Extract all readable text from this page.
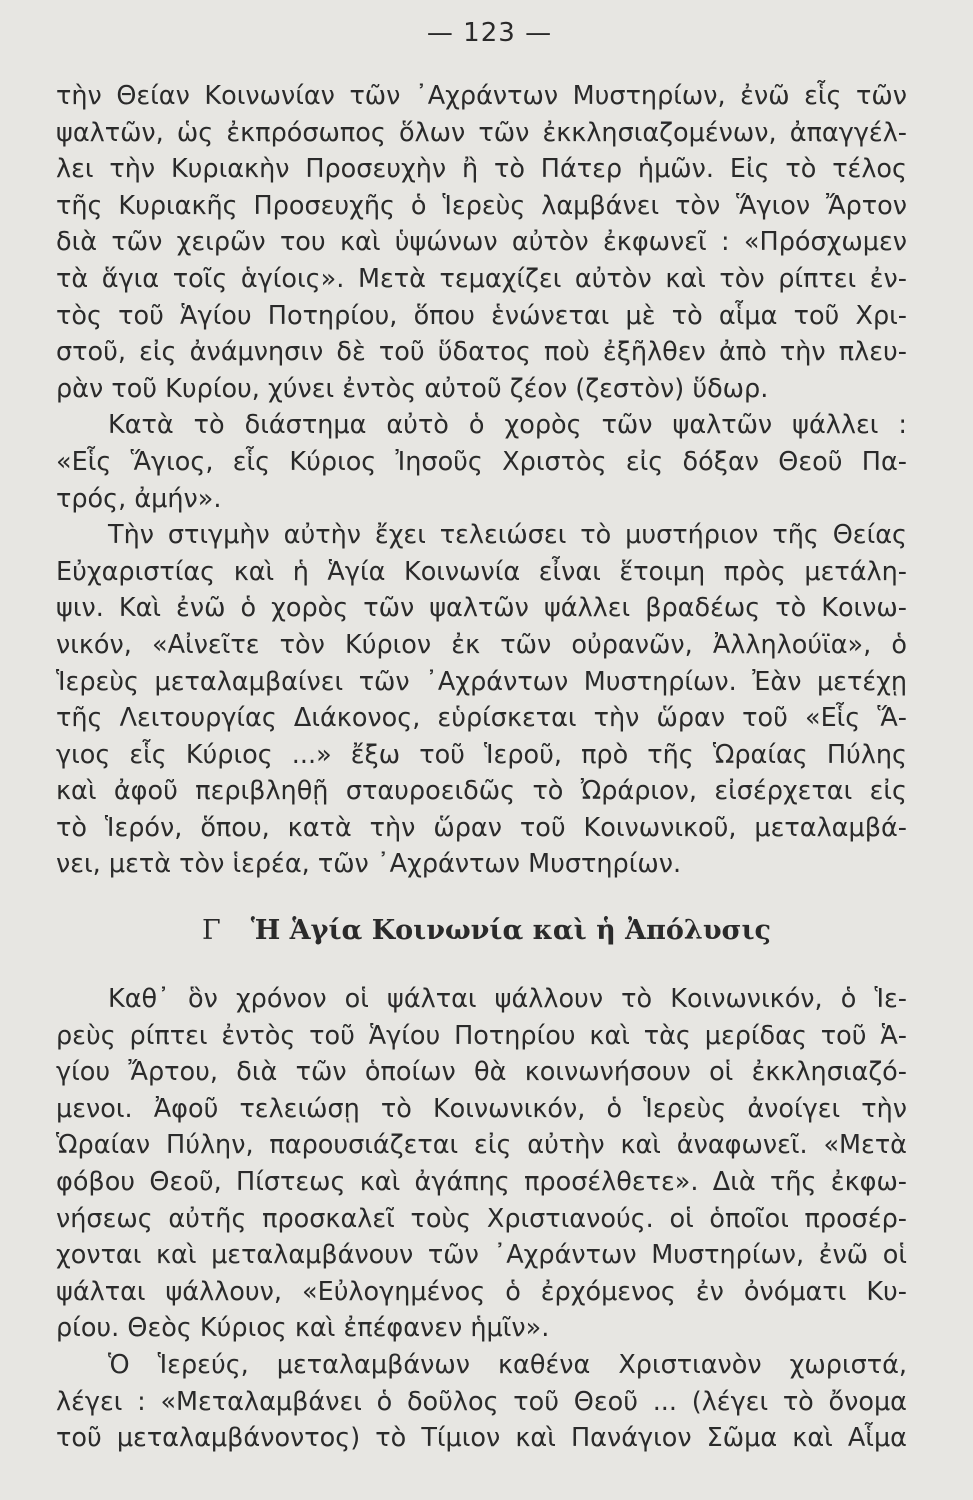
— 123 —
τὴν Θείαν Κοινωνίαν τῶν ᾿Αχράντων Μυστηρίων, ἐνῶ εἷς τῶν
ψαλτῶν, ὡς ἐκπρόσωπος ὅλων τῶν ἐκκλησιαζομένων, ἀπαγγέλ-
λει τὴν Κυριακὴν Προσευχὴν ἢ τὸ Πάτερ ἡμῶν. Εἰς τὸ τέλος
τῆς Κυριακῆς Προσευχῆς ὁ Ἱερεὺς λαμβάνει τὸν Ἅγιον Ἄρτον
διὰ τῶν χειρῶν του καὶ ὑψώνων αὐτὸν ἐκφωνεῖ : «Πρόσχωμεν
τὰ ἅγια τοῖς ἁγίοις». Μετὰ τεμαχίζει αὐτὸν καὶ τὸν ρίπτει ἐν-
τὸς τοῦ Ἁγίου Ποτηρίου, ὅπου ἑνώνεται μὲ τὸ αἷμα τοῦ Χρι-
στοῦ, εἰς ἀνάμνησιν δὲ τοῦ ὕδατος ποὺ ἐξῆλθεν ἀπὸ τὴν πλευ-
ρὰν τοῦ Κυρίου, χύνει ἐντὸς αὐτοῦ ζέον (ζεστὸν) ὕδωρ.
Κατὰ τὸ διάστημα αὐτὸ ὁ χορὸς τῶν ψαλτῶν ψάλλει :
«Εἷς Ἅγιος, εἷς Κύριος Ἰησοῦς Χριστὸς εἰς δόξαν Θεοῦ Πα-
τρός, ἀμήν».
Τὴν στιγμὴν αὐτὴν ἔχει τελειώσει τὸ μυστήριον τῆς Θείας
Εὐχαριστίας καὶ ἡ Ἁγία Κοινωνία εἶναι ἕτοιμη πρὸς μετάλη-
ψιν. Καὶ ἐνῶ ὁ χορὸς τῶν ψαλτῶν ψάλλει βραδέως τὸ Κοινω-
νικόν, «Αἰνεῖτε τὸν Κύριον ἐκ τῶν οὐρανῶν, Ἀλληλούϊα», ὁ
Ἱερεὺς μεταλαμβαίνει τῶν ᾿Αχράντων Μυστηρίων. Ἐὰν μετέχῃ
τῆς Λειτουργίας Διάκονος, εὑρίσκεται τὴν ὥραν τοῦ «Εἷς Ἅ-
γιος εἷς Κύριος ...» ἔξω τοῦ Ἱεροῦ, πρὸ τῆς Ὡραίας Πύλης
καὶ ἀφοῦ περιβληθῇ σταυροειδῶς τὸ Ὠράριον, εἰσέρχεται εἰς
τὸ Ἱερόν, ὅπου, κατὰ τὴν ὥραν τοῦ Κοινωνικοῦ, μεταλαμβά-
νει, μετὰ τὸν ἱερέα, τῶν ᾿Αχράντων Μυστηρίων.
Γ Ἡ Ἁγία Κοινωνία καὶ ἡ Ἀπόλυσις
Καθ᾿ ὃν χρόνον οἱ ψάλται ψάλλουν τὸ Κοινωνικόν, ὁ Ἱε-
ρεὺς ρίπτει ἐντὸς τοῦ Ἁγίου Ποτηρίου καὶ τὰς μερίδας τοῦ Ἁ-
γίου Ἄρτου, διὰ τῶν ὁποίων θὰ κοινωνήσουν οἱ ἐκκλησιαζό-
μενοι. Ἀφοῦ τελειώσῃ τὸ Κοινωνικόν, ὁ Ἱερεὺς ἀνοίγει τὴν
Ὡραίαν Πύλην, παρουσιάζεται εἰς αὐτὴν καὶ ἀναφωνεῖ. «Μετὰ
φόβου Θεοῦ, Πίστεως καὶ ἀγάπης προσέλθετε». Διὰ τῆς ἐκφω-
νήσεως αὐτῆς προσκαλεῖ τοὺς Χριστιανούς. οἱ ὁποῖοι προσέρ-
χονται καὶ μεταλαμβάνουν τῶν ᾿Αχράντων Μυστηρίων, ἐνῶ οἱ
ψάλται ψάλλουν, «Εὐλογημένος ὁ ἐρχόμενος ἐν ὀνόματι Κυ-
ρίου. Θεὸς Κύριος καὶ ἐπέφανεν ἡμῖν».
Ὁ Ἱερεύς, μεταλαμβάνων καθένα Χριστιανὸν χωριστά,
λέγει : «Μεταλαμβάνει ὁ δοῦλος τοῦ Θεοῦ ... (λέγει τὸ ὄνομα
τοῦ μεταλαμβάνοντος) τὸ Τίμιον καὶ Πανάγιον Σῶμα καὶ Αἷμα
